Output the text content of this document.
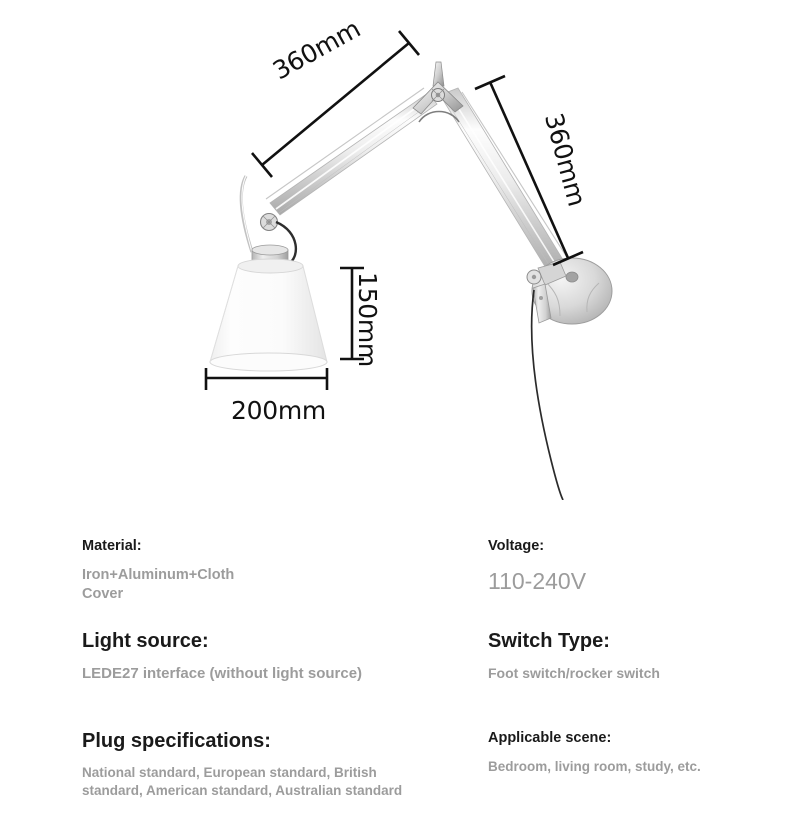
360mm
360mm
150mm
200mm

Material:

Iron+Aluminum+Cloth Cover

Voltage:

110-240V

Light source:

LEDE27 interface (without light source)

Switch Type:

Foot switch/rocker switch

Plug specifications:

National standard, European standard, British standard, American standard, Australian standard

Applicable scene:

Bedroom, living room, study, etc.
